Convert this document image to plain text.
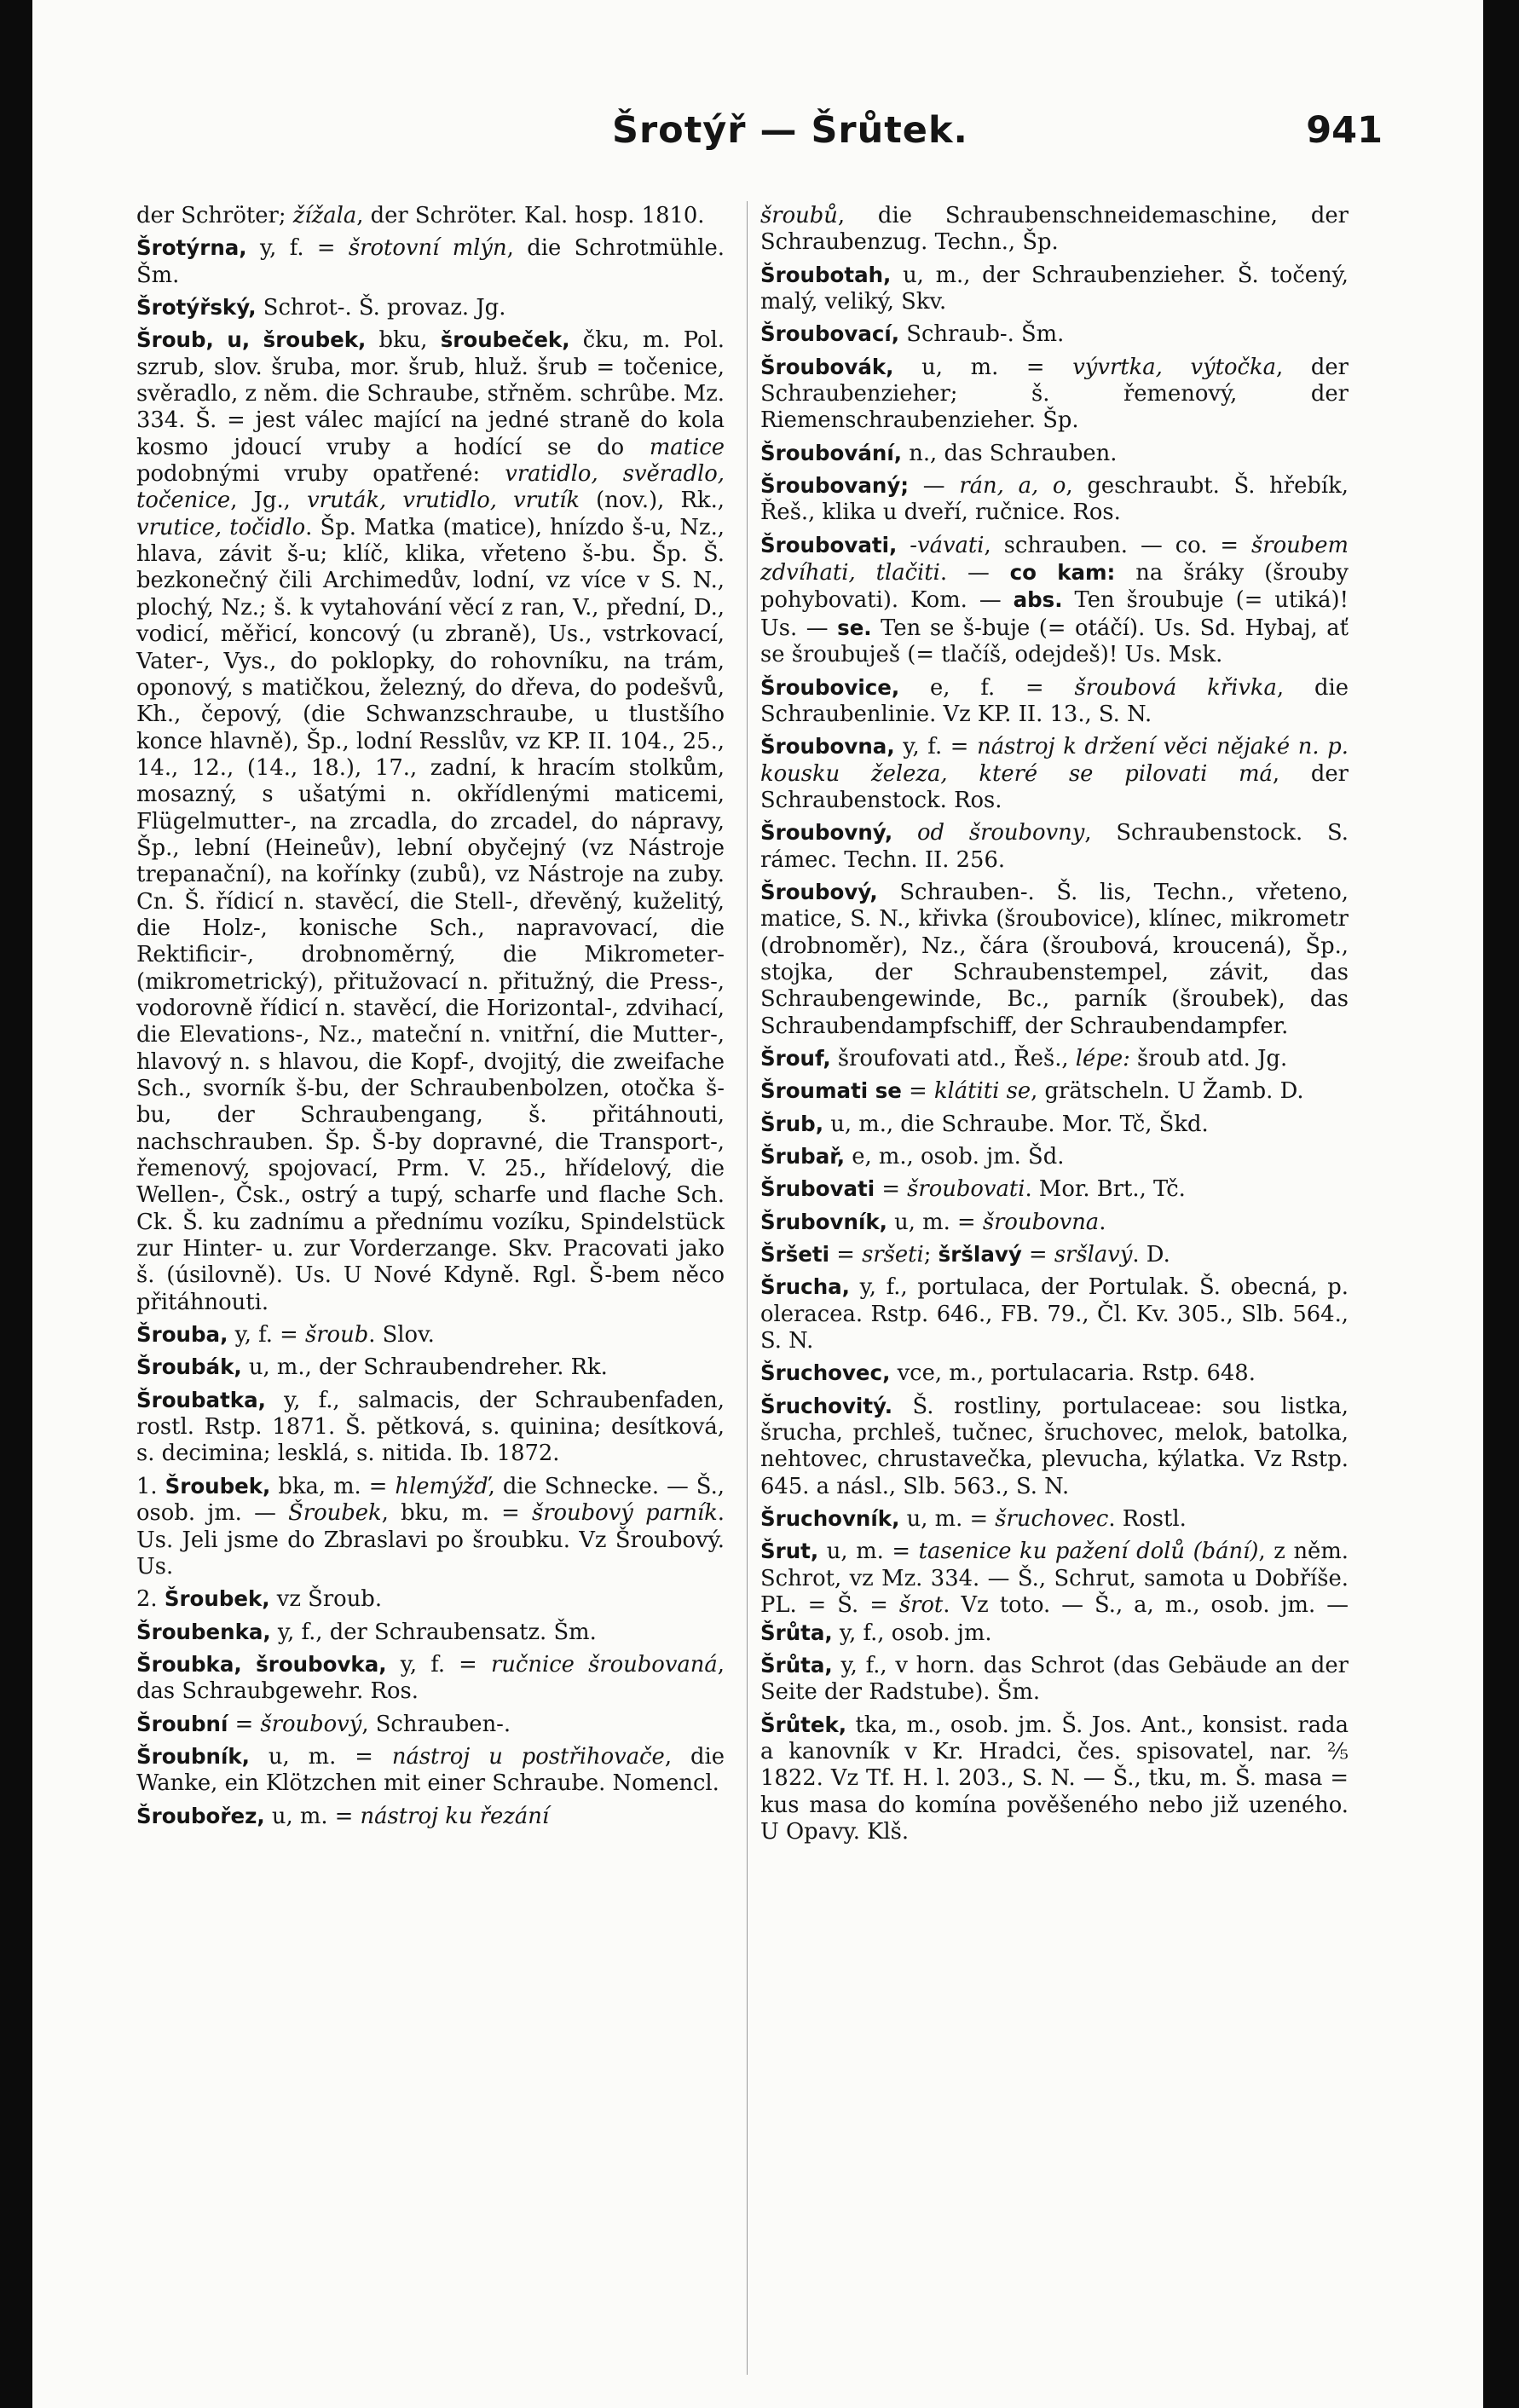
Šrotýř — Šrůtek.	941

der Schröter; žížala, der Schröter. Kal. hosp. 1810.

Šrotýrna, y, f. = šrotovní mlýn, die Schrotmühle. Šm.

Šrotýřský, Schrot-. Š. provaz. Jg.

Šroub, u, šroubek, bku, šroubeček, čku, m. Pol. szrub, slov. šruba, mor. šrub, hluž. šrub = točenice, svěradlo, z něm. die Schraube, střněm. schrûbe. Mz. 334. Š. = jest válec mající na jedné straně do kola kosmo jdoucí vruby a hodící se do matice podobnými vruby opatřené: vratidlo, svěradlo, točenice, Jg., vruták, vrutidlo, vrutík (nov.), Rk., vrutice, točidlo. Šp. Matka (matice), hnízdo š-u, Nz., hlava, závit š-u; klíč, klika, vřeteno š-bu. Šp. Š. bezkonečný čili Archimedův, lodní, vz více v S. N., plochý, Nz.; š. k vytahování věcí z ran, V., přední, D., vodicí, měřicí, koncový (u zbraně), Us., vstrkovací, Vater-, Vys., do poklopky, do rohovníku, na trám, oponový, s matičkou, železný, do dřeva, do podešvů, Kh., čepový, (die Schwanzschraube, u tlustšího konce hlavně), Šp., lodní Resslův, vz KP. II. 104., 25., 14., 12., (14., 18.), 17., zadní, k hracím stolkům, mosazný, s ušatými n. okřídlenými maticemi, Flügelmutter-, na zrcadla, do zrcadel, do nápravy, Šp., lební (Heineův), lební obyčejný (vz Nástroje trepanační), na kořínky (zubů), vz Nástroje na zuby. Cn. Š. řídicí n. stavěcí, die Stell-, dřevěný, kuželitý, die Holz-, konische Sch., napravovací, die Rektificir-, drobnoměrný, die Mikrometer- (mikrometrický), přitužovací n. přitužný, die Press-, vodorovně řídicí n. stavěcí, die Horizontal-, zdvihací, die Elevations-, Nz., mateční n. vnitřní, die Mutter-, hlavový n. s hlavou, die Kopf-, dvojitý, die zweifache Sch., svorník š-bu, der Schraubenbolzen, otočka š-bu, der Schraubengang, š. přitáhnouti, nachschrauben. Šp. Š-by dopravné, die Transport-, řemenový, spojovací, Prm. V. 25., hřídelový, die Wellen-, Čsk., ostrý a tupý, scharfe und flache Sch. Ck. Š. ku zadnímu a přednímu vozíku, Spindelstück zur Hinter- u. zur Vorderzange. Skv. Pracovati jako š. (úsilovně). Us. U Nové Kdyně. Rgl. Š-bem něco přitáhnouti.

Šrouba, y, f. = šroub. Slov.

Šroubák, u, m., der Schraubendreher. Rk.

Šroubatka, y, f., salmacis, der Schraubenfaden, rostl. Rstp. 1871. Š. pětková, s. quinina; desítková, s. decimina; lesklá, s. nitida. Ib. 1872.

1. Šroubek, bka, m. = hlemýžď, die Schnecke. — Š., osob. jm. — Šroubek, bku, m. = šroubový parník. Us. Jeli jsme do Zbraslavi po šroubku. Vz Šroubový. Us.

2. Šroubek, vz Šroub.

Šroubenka, y, f., der Schraubensatz. Šm.

Šroubka, šroubovka, y, f. = ručnice šroubovaná, das Schraubgewehr. Ros.

Šroubní = šroubový, Schrauben-.

Šroubník, u, m. = nástroj u postřihovače, die Wanke, ein Klötzchen mit einer Schraube. Nomencl.

Šroubořez, u, m. = nástroj ku řezání

šroubů, die Schraubenschneidemaschine, der Schraubenzug. Techn., Šp.

Šroubotah, u, m., der Schraubenzieher. Š. točený, malý, veliký, Skv.

Šroubovací, Schraub-. Šm.

Šroubovák, u, m. = vývrtka, výtočka, der Schraubenzieher; š. řemenový, der Riemenschraubenzieher. Šp.

Šroubování, n., das Schrauben.

Šroubovaný; — rán, a, o, geschraubt. Š. hřebík, Řeš., klika u dveří, ručnice. Ros.

Šroubovati, -vávati, schrauben. — co. = šroubem zdvíhati, tlačiti. — co kam: na šráky (šrouby pohybovati). Kom. — abs. Ten šroubuje (= utiká)! Us. — se. Ten se š-buje (= otáčí). Us. Sd. Hybaj, ať se šroubuješ (= tlačíš, odejdeš)! Us. Msk.

Šroubovice, e, f. = šroubová křivka, die Schraubenlinie. Vz KP. II. 13., S. N.

Šroubovna, y, f. = nástroj k držení věci nějaké n. p. kousku železa, které se pilovati má, der Schraubenstock. Ros.

Šroubovný, od šroubovny, Schraubenstock. S. rámec. Techn. II. 256.

Šroubový, Schrauben-. Š. lis, Techn., vřeteno, matice, S. N., křivka (šroubovice), klínec, mikrometr (drobnoměr), Nz., čára (šroubová, kroucená), Šp., stojka, der Schraubenstempel, závit, das Schraubengewinde, Bc., parník (šroubek), das Schraubendampfschiff, der Schraubendampfer.

Šrouf, šroufovati atd., Řeš., lépe: šroub atd. Jg.

Šroumati se = klátiti se, grätscheln. U Žamb. D.

Šrub, u, m., die Schraube. Mor. Tč, Škd.

Šrubař, e, m., osob. jm. Šd.

Šrubovati = šroubovati. Mor. Brt., Tč.

Šrubovník, u, m. = šroubovna.

Šršeti = sršeti; šršlavý = sršlavý. D.

Šrucha, y, f., portulaca, der Portulak. Š. obecná, p. oleracea. Rstp. 646., FB. 79., Čl. Kv. 305., Slb. 564., S. N.

Šruchovec, vce, m., portulacaria. Rstp. 648.

Šruchovitý. Š. rostliny, portulaceae: sou listka, šrucha, prchleš, tučnec, šruchovec, melok, batolka, nehtovec, chrustavečka, plevucha, kýlatka. Vz Rstp. 645. a násl., Slb. 563., S. N.

Šruchovník, u, m. = šruchovec. Rostl.

Šrut, u, m. = tasenice ku pažení dolů (bání), z něm. Schrot, vz Mz. 334. — Š., Schrut, samota u Dobříše. PL. = Š. = šrot. Vz toto. — Š., a, m., osob. jm. — Šrůta, y, f., osob. jm.

Šrůta, y, f., v horn. das Schrot (das Gebäude an der Seite der Radstube). Šm.

Šrůtek, tka, m., osob. jm. Š. Jos. Ant., konsist. rada a kanovník v Kr. Hradci, čes. spisovatel, nar. ⅖ 1822. Vz Tf. H. l. 203., S. N. — Š., tku, m. Š. masa = kus masa do komína pověšeného nebo již uzeného. U Opavy. Klš.
